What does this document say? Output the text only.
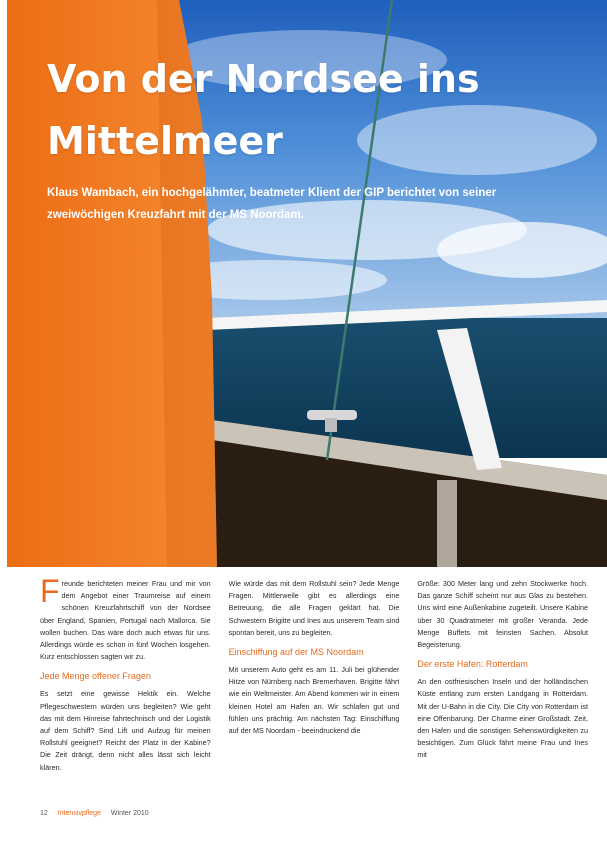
Von der Nordsee ins Mittelmeer

Klaus Wambach, ein hochgelähmter, beatmeter Klient der GIP berichtet von seiner zweiwöchigen Kreuzfahrt mit der MS Noordam.

Freunde berichteten meiner Frau und mir von dem Angebot einer Traumreise auf einem schönen Kreuzfahrtschiff von der Nordsee über England, Spanien, Portugal nach Mallorca. Sie wollen buchen. Das wäre doch auch etwas für uns. Allerdings würde es schon in fünf Wochen losgehen. Kurz entschlossen sagten wir zu.

Jede Menge offener Fragen

Es setzt eine gewisse Hektik ein. Welche Pflegeschwestern würden uns begleiten? Wie geht das mit dem Hinreise fahrtechnisch und der Logistik auf dem Schiff? Sind Lift und Aufzug für meinen Rollstuhl geeignet? Reicht der Platz in der Kabine? Die Zeit drängt, denn nicht alles lässt sich leicht klären.

Wie würde das mit dem Rollstuhl sein? Jede Menge Fragen. Mittlerweile gibt es allerdings eine Betreuung, die alle Fragen geklärt hat. Die Schwestern Brigitte und Ines aus unserem Team sind spontan bereit, uns zu begleiten.

Einschiffung auf der MS Noordam

Mit unserem Auto geht es am 11. Juli bei glühender Hitze von Nürnberg nach Bremerhaven. Brigitte fährt wie ein Weltmeister. Am Abend kommen wir in einem kleinen Hotel am Hafen an. Wir schlafen gut und fühlen uns prächtig. Am nächsten Tag: Einschiffung auf der MS Noordam - beeindruckend die

Größe: 300 Meter lang und zehn Stockwerke hoch. Das ganze Schiff scheint nur aus Glas zu bestehen. Uns wird eine Außenkabine zugeteilt. Unsere Kabine über 30 Quadratmeter mit großer Veranda. Jede Menge Buffets mit feinsten Sachen. Absolut Begeisterung.

Der erste Hafen: Rotterdam

An den ostfriesischen Inseln und der holländischen Küste entlang zum ersten Landgang in Rotterdam. Mit der U-Bahn in die City. Die City von Rotterdam ist eine Offenbarung. Der Charme einer Großstadt. Zeit, den Hafen und die sonstigen Sehenswürdigkeiten zu besichtigen. Zum Glück fährt meine Frau und Ines mit

12 Intensivpflege Winter 2010
